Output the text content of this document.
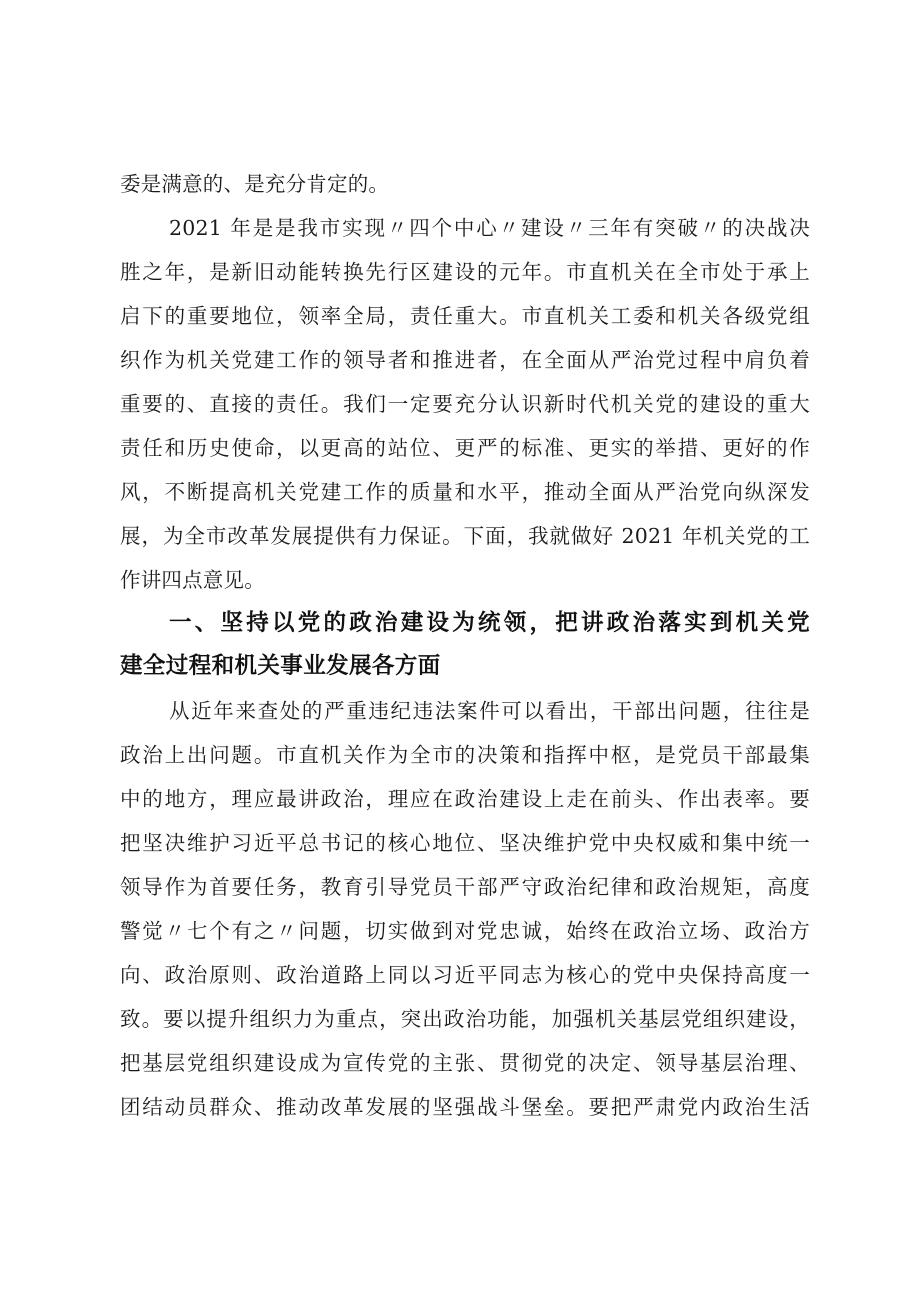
委是满意的、是充分肯定的。
2021 年是是我市实现〃四个中心〃建设〃三年有突破〃的决战决
胜之年，是新旧动能转换先行区建设的元年。市直机关在全市处于承上
启下的重要地位，领率全局，责任重大。市直机关工委和机关各级党组
织作为机关党建工作的领导者和推进者，在全面从严治党过程中肩负着
重要的、直接的责任。我们一定要充分认识新时代机关党的建设的重大
责任和历史使命，以更高的站位、更严的标准、更实的举措、更好的作
风，不断提高机关党建工作的质量和水平，推动全面从严治党向纵深发
展，为全市改革发展提供有力保证。下面，我就做好 2021 年机关党的工
作讲四点意见。
一、坚持以党的政治建设为统领，把讲政治落实到机关党
建全过程和机关事业发展各方面
从近年来查处的严重违纪违法案件可以看出，干部出问题，往往是
政治上出问题。市直机关作为全市的决策和指挥中枢，是党员干部最集
中的地方，理应最讲政治，理应在政治建设上走在前头、作出表率。要
把坚决维护习近平总书记的核心地位、坚决维护党中央权威和集中统一
领导作为首要任务，教育引导党员干部严守政治纪律和政治规矩，高度
警觉〃七个有之〃问题，切实做到对党忠诚，始终在政治立场、政治方
向、政治原则、政治道路上同以习近平同志为核心的党中央保持高度一
致。要以提升组织力为重点，突出政治功能，加强机关基层党组织建设，
把基层党组织建设成为宣传党的主张、贯彻党的决定、领导基层治理、
团结动员群众、推动改革发展的坚强战斗堡垒。要把严肃党内政治生活
